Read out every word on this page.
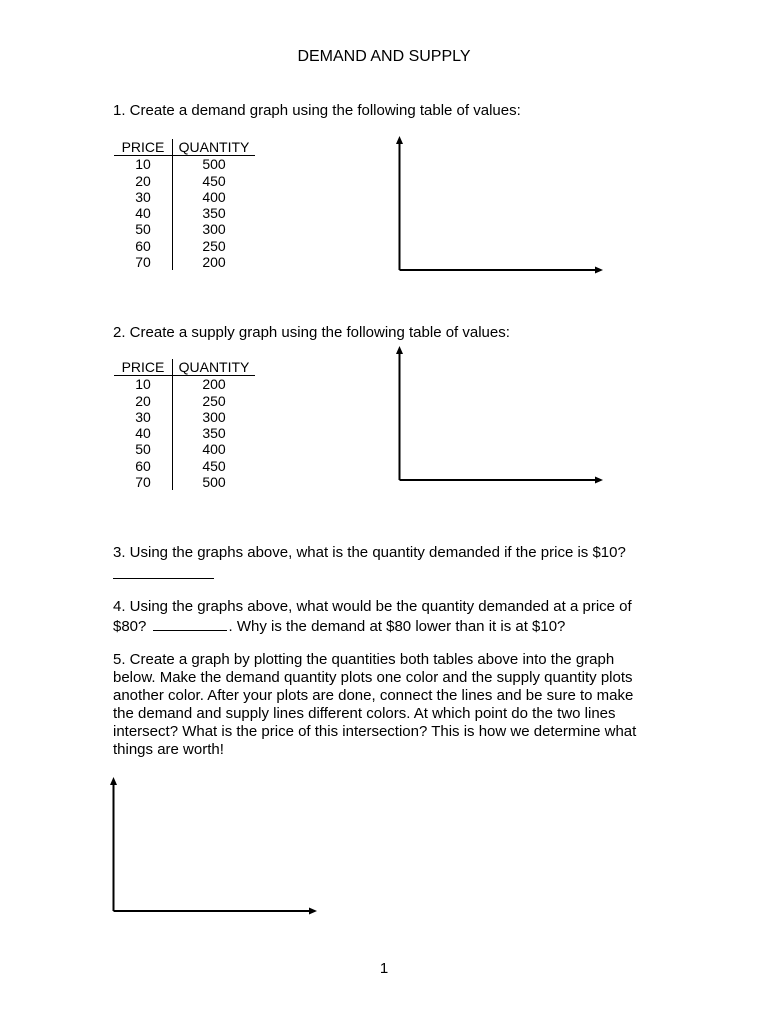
DEMAND AND SUPPLY
1. Create a demand graph using the following table of values:
PRICE	QUANTITY
10	500
20	450
30	400
40	350
50	300
60	250
70	200
2. Create a supply graph using the following table of values:
PRICE	QUANTITY
10	200
20	250
30	300
40	350
50	400
60	450
70	500
3. Using the graphs above, what is the quantity demanded if the price is $10?
4. Using the graphs above, what would be the quantity demanded at a price of $80?	. Why is the demand at $80 lower than it is at $10?
5. Create a graph by plotting the quantities both tables above into the graph below. Make the demand quantity plots one color and the supply quantity plots another color. After your plots are done, connect the lines and be sure to make the demand and supply lines different colors. At which point do the two lines intersect? What is the price of this intersection? This is how we determine what things are worth!
1
